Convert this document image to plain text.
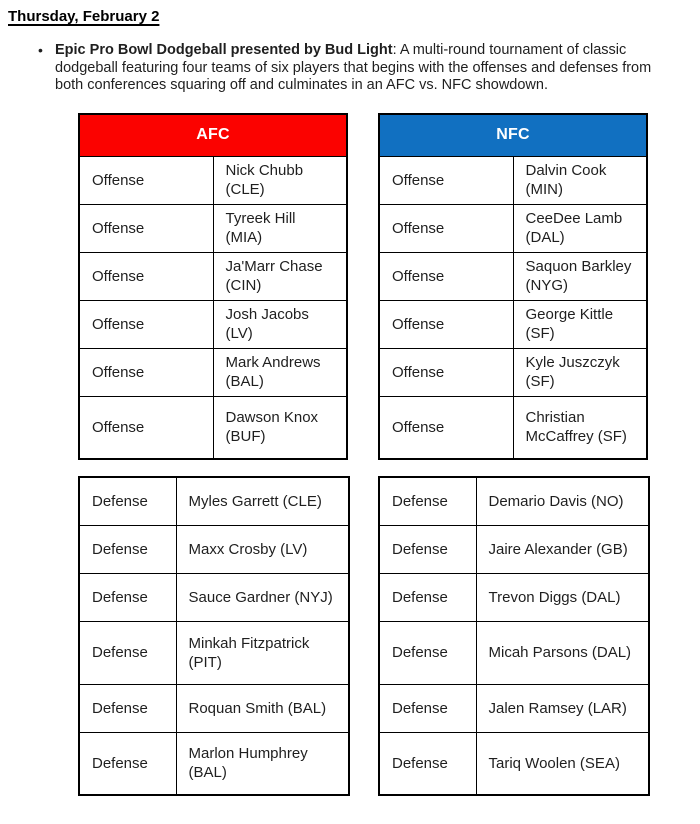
Thursday, February 2
• Epic Pro Bowl Dodgeball presented by Bud Light: A multi-round tournament of classic dodgeball featuring four teams of six players that begins with the offenses and defenses from both conferences squaring off and culminates in an AFC vs. NFC showdown.

AFC	
Offense	Nick Chubb (CLE)
Offense	Tyreek Hill (MIA)
Offense	Ja'Marr Chase (CIN)
Offense	Josh Jacobs (LV)
Offense	Mark Andrews (BAL)
Offense	Dawson Knox (BUF)
Defense	Myles Garrett (CLE)
Defense	Maxx Crosby (LV)
Defense	Sauce Gardner (NYJ)
Defense	Minkah Fitzpatrick (PIT)
Defense	Roquan Smith (BAL)
Defense	Marlon Humphrey (BAL)
NFC	
Offense	Dalvin Cook (MIN)
Offense	CeeDee Lamb (DAL)
Offense	Saquon Barkley (NYG)
Offense	George Kittle (SF)
Offense	Kyle Juszczyk (SF)
Offense	Christian McCaffrey (SF)
Defense	Demario Davis (NO)
Defense	Jaire Alexander (GB)
Defense	Trevon Diggs (DAL)
Defense	Micah Parsons (DAL)
Defense	Jalen Ramsey (LAR)
Defense	Tariq Woolen (SEA)
